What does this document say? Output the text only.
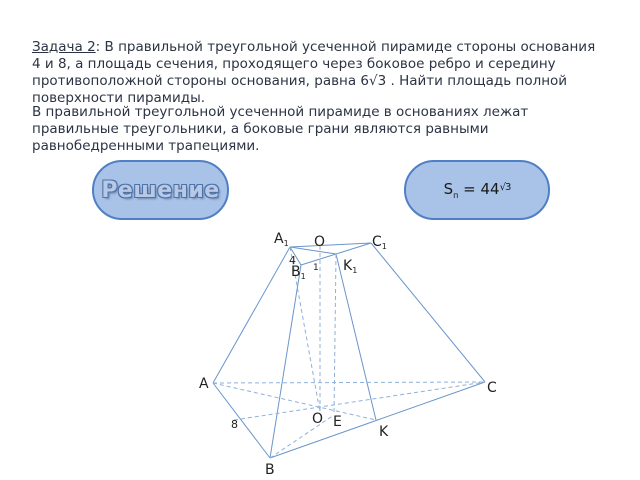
Задача 2: В правильной треугольной усеченной пирамиде стороны основания 4 и 8, а площадь сечения, проходящего через боковое ребро и середину противоположной стороны основания, равна 6√3 . Найти площадь полной поверхности пирамиды.
В правильной треугольной усеченной пирамиде в основаниях лежат правильные треугольники, а боковые грани являются равными равнобедренными трапециями.
Решение	$S_п = 44^{√3}$
$A_1$ O	$C_1$
4
$B_1$
1 $K_1$
A	C
O E
K
B
8
